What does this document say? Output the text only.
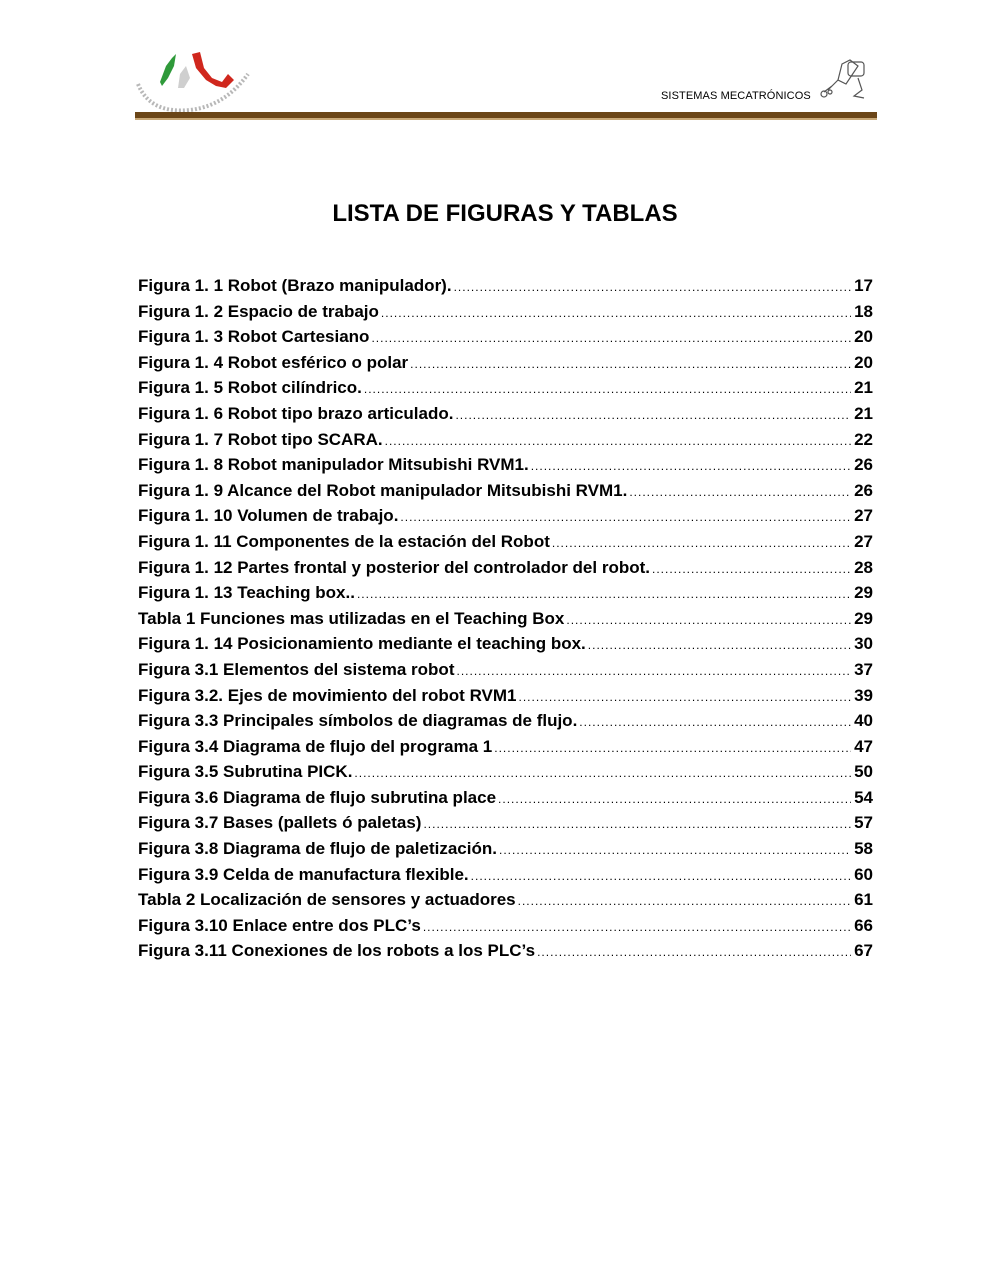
SISTEMAS MECATRÓNICOS
LISTA DE FIGURAS Y TABLAS
Figura 1. 1 Robot (Brazo manipulador). .....	17
Figura 1. 2 Espacio de trabajo .....	18
Figura 1. 3 Robot Cartesiano .....	20
Figura 1. 4 Robot esférico o polar .....	20
Figura 1. 5 Robot cilíndrico. .....	21
Figura 1. 6 Robot tipo brazo articulado. .....	21
Figura 1. 7 Robot tipo SCARA. .....	22
Figura 1. 8 Robot manipulador Mitsubishi RVM1. .....	26
Figura 1. 9 Alcance del Robot manipulador Mitsubishi RVM1. .....	26
Figura 1. 10 Volumen de trabajo. .....	27
Figura 1. 11 Componentes de la estación del Robot .....	27
Figura 1. 12 Partes frontal y posterior del controlador del robot. .....	28
Figura 1. 13 Teaching box.. .....	29
Tabla 1 Funciones mas utilizadas en el Teaching Box .....	29
Figura 1. 14 Posicionamiento mediante el teaching box. .....	30
Figura 3.1 Elementos del sistema robot .....	37
Figura 3.2. Ejes de movimiento del robot RVM1 .....	39
Figura 3.3 Principales símbolos de diagramas de flujo. .....	40
Figura 3.4 Diagrama de flujo del programa 1 .....	47
Figura 3.5 Subrutina PICK. .....	50
Figura 3.6 Diagrama de flujo subrutina place .....	54
Figura 3.7 Bases (pallets ó paletas) .....	57
Figura 3.8 Diagrama de flujo de paletización. .....	58
Figura 3.9 Celda de manufactura flexible. .....	60
Tabla 2 Localización de sensores y actuadores .....	61
Figura 3.10 Enlace entre dos PLC’s .....	66
Figura 3.11 Conexiones de los robots a los PLC’s .....	67
